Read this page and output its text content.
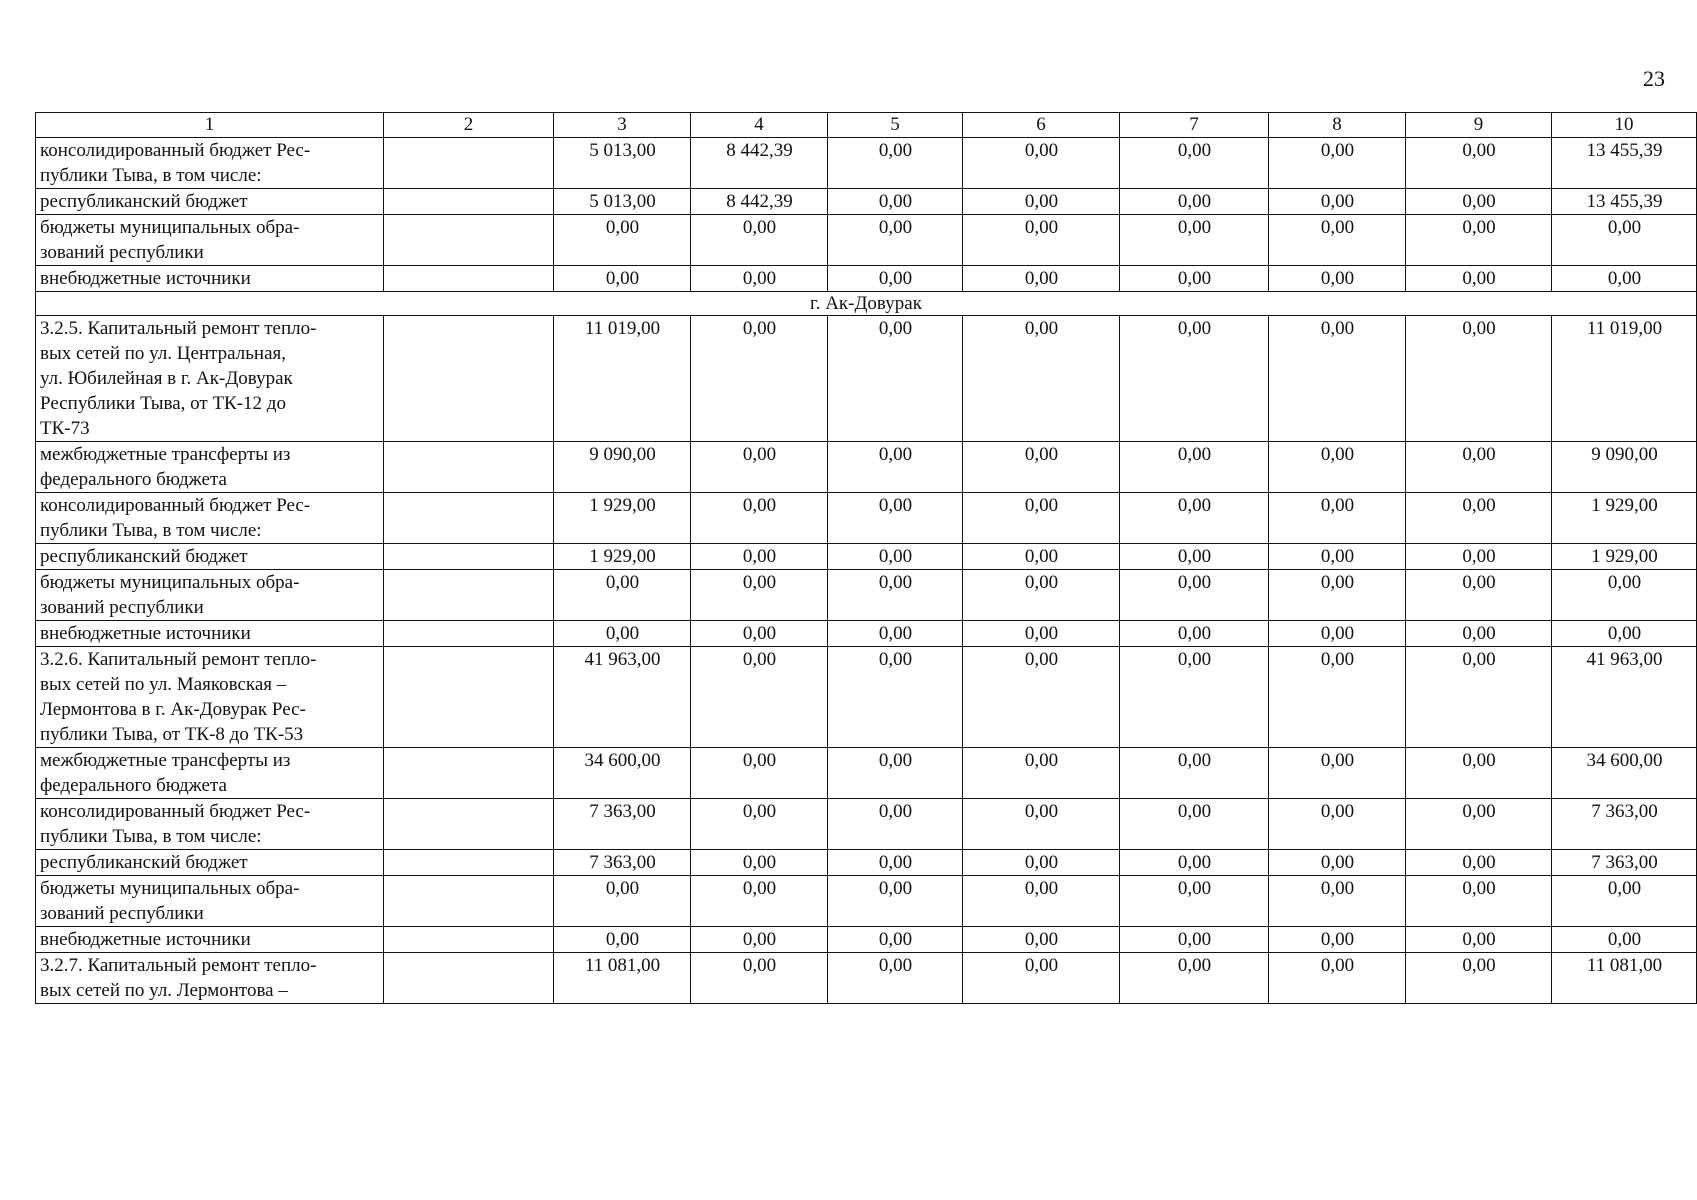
23
1	2	3	4	5	6	7	8	9	10
консолидированный бюджет Рес-
публики Тыва, в том числе:		5 013,00	8 442,39	0,00	0,00	0,00	0,00	0,00	13 455,39
республиканский бюджет		5 013,00	8 442,39	0,00	0,00	0,00	0,00	0,00	13 455,39
бюджеты муниципальных обра-
зований республики		0,00	0,00	0,00	0,00	0,00	0,00	0,00	0,00
внебюджетные источники		0,00	0,00	0,00	0,00	0,00	0,00	0,00	0,00
г. Ак-Довурак									
3.2.5. Капитальный ремонт тепло-
вых сетей по ул. Центральная,
ул. Юбилейная в г. Ак-Довурак
Республики Тыва, от ТК-12 до
ТК-73		11 019,00	0,00	0,00	0,00	0,00	0,00	0,00	11 019,00
межбюджетные трансферты из
федерального бюджета		9 090,00	0,00	0,00	0,00	0,00	0,00	0,00	9 090,00
консолидированный бюджет Рес-
публики Тыва, в том числе:		1 929,00	0,00	0,00	0,00	0,00	0,00	0,00	1 929,00
республиканский бюджет		1 929,00	0,00	0,00	0,00	0,00	0,00	0,00	1 929,00
бюджеты муниципальных обра-
зований республики		0,00	0,00	0,00	0,00	0,00	0,00	0,00	0,00
внебюджетные источники		0,00	0,00	0,00	0,00	0,00	0,00	0,00	0,00
3.2.6. Капитальный ремонт тепло-
вых сетей по ул. Маяковская –
Лермонтова в г. Ак-Довурак Рес-
публики Тыва, от ТК-8 до ТК-53		41 963,00	0,00	0,00	0,00	0,00	0,00	0,00	41 963,00
межбюджетные трансферты из
федерального бюджета		34 600,00	0,00	0,00	0,00	0,00	0,00	0,00	34 600,00
консолидированный бюджет Рес-
публики Тыва, в том числе:		7 363,00	0,00	0,00	0,00	0,00	0,00	0,00	7 363,00
республиканский бюджет		7 363,00	0,00	0,00	0,00	0,00	0,00	0,00	7 363,00
бюджеты муниципальных обра-
зований республики		0,00	0,00	0,00	0,00	0,00	0,00	0,00	0,00
внебюджетные источники		0,00	0,00	0,00	0,00	0,00	0,00	0,00	0,00
3.2.7. Капитальный ремонт тепло-
вых сетей по ул. Лермонтова –		11 081,00	0,00	0,00	0,00	0,00	0,00	0,00	11 081,00
